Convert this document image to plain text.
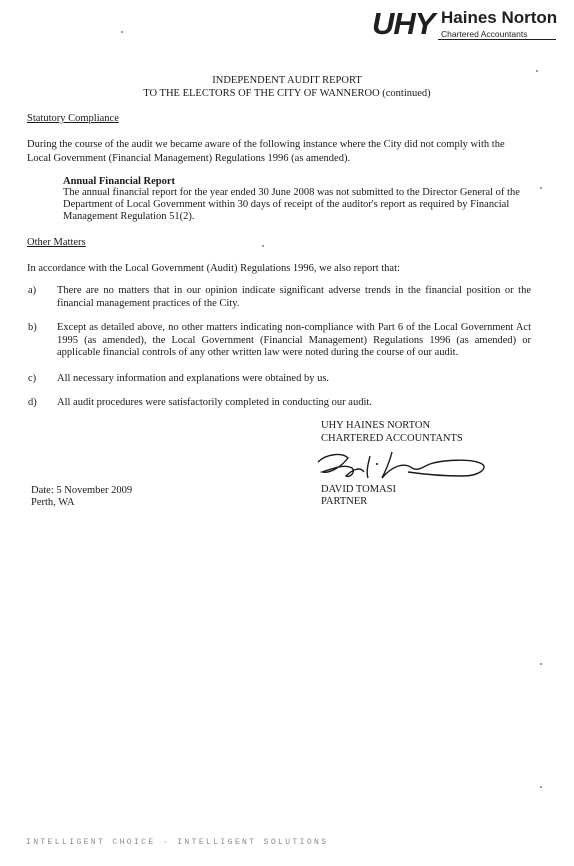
UHY Haines Norton
Chartered Accountants
INDEPENDENT AUDIT REPORT
TO THE ELECTORS OF THE CITY OF WANNEROO (continued)
Statutory Compliance
During the course of the audit we became aware of the following instance where the City did not comply with the
Local Government (Financial Management) Regulations 1996 (as amended).
Annual Financial Report
The annual financial report for the year ended 30 June 2008 was not submitted to the Director General of the
Department of Local Government within 30 days of receipt of the auditor's report as required by Financial
Management Regulation 51(2).
Other Matters
In accordance with the Local Government (Audit) Regulations 1996, we also report that:
a) There are no matters that in our opinion indicate significant adverse trends in the financial position or the financial management practices of the City.
b) Except as detailed above, no other matters indicating non-compliance with Part 6 of the Local Government Act 1995 (as amended), the Local Government (Financial Management) Regulations 1996 (as amended) or applicable financial controls of any other written law were noted during the course of our audit.
c) All necessary information and explanations were obtained by us.
d) All audit procedures were satisfactorily completed in conducting our audit.
UHY HAINES NORTON
CHARTERED ACCOUNTANTS
DAVID TOMASI
PARTNER
Date: 5 November 2009
Perth, WA
INTELLIGENT CHOICE · INTELLIGENT SOLUTIONS
